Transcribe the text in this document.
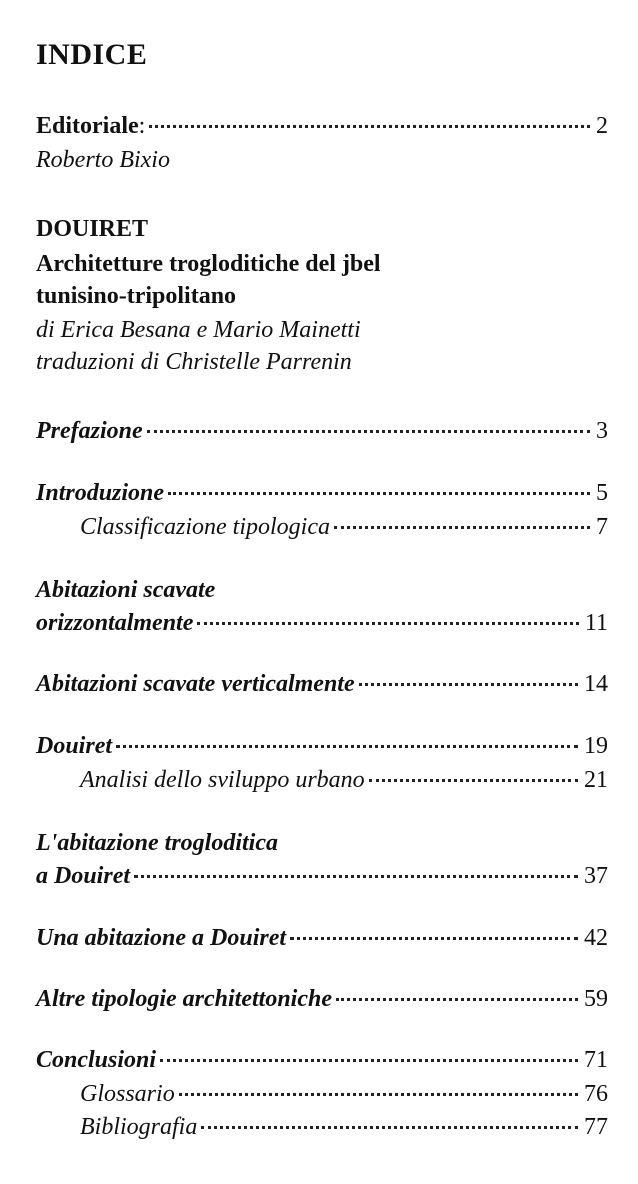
INDICE
Editoriale:	2
Roberto Bixio
DOUIRET
Architetture trogloditiche del jbel
tunisino-tripolitano
di Erica Besana e Mario Mainetti
traduzioni di Christelle Parrenin
Prefazione	3
Introduzione	5
Classificazione tipologica	7
Abitazioni scavate
orizzontalmente	11
Abitazioni scavate verticalmente	14
Douiret	19
Analisi dello sviluppo urbano	21
L'abitazione trogloditica
a Douiret	37
Una abitazione a Douiret	42
Altre tipologie architettoniche	59
Conclusioni	71
Glossario	76
Bibliografia	77
